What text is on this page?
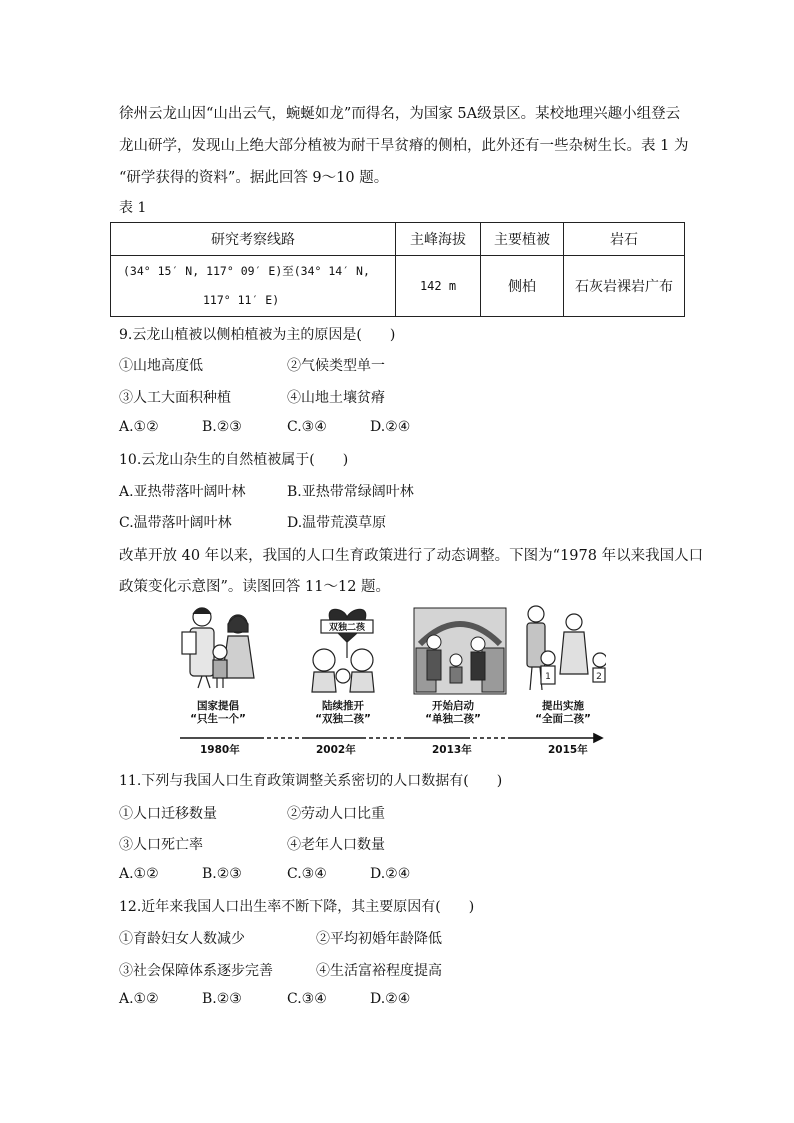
徐州云龙山因“山出云气，蜿蜒如龙”而得名，为国家 5A级景区。某校地理兴趣小组登云
龙山研学，发现山上绝大部分植被为耐干旱贫瘠的侧柏，此外还有一些杂树生长。表 1 为
“研学获得的资料”。据此回答 9～10 题。
表 1
研究考察线路	主峰海拔	主要植被	岩石

(34° 15′ N, 117° 09′ E)至(34° 14′ N,
117° 11′ E)	142 m	侧柏	石灰岩裸岩广布
9.云龙山植被以侧柏植被为主的原因是(　　)
①山地高度低	②气候类型单一
③人工大面积种植	④山地土壤贫瘠
A.①②	B.②③	C.③④	D.②④
10.云龙山杂生的自然植被属于(　　)
A.亚热带落叶阔叶林	B.亚热带常绿阔叶林
C.温带落叶阔叶林	D.温带荒漠草原
改革开放 40 年以来，我国的人口生育政策进行了动态调整。下图为“1978 年以来我国人口
政策变化示意图”。读图回答 11～12 题。
双独二孩
1	2
国家提倡
“只生一个”
陆续推开
“双独二孩”
开始启动
“单独二孩”
提出实施
“全面二孩”
1980年	2002年	2013年	2015年
11.下列与我国人口生育政策调整关系密切的人口数据有(　　)
①人口迁移数量	②劳动人口比重
③人口死亡率	④老年人口数量
A.①②	B.②③	C.③④	D.②④
12.近年来我国人口出生率不断下降，其主要原因有(　　)
①育龄妇女人数减少	②平均初婚年龄降低
③社会保障体系逐步完善	④生活富裕程度提高
A.①②	B.②③	C.③④	D.②④
